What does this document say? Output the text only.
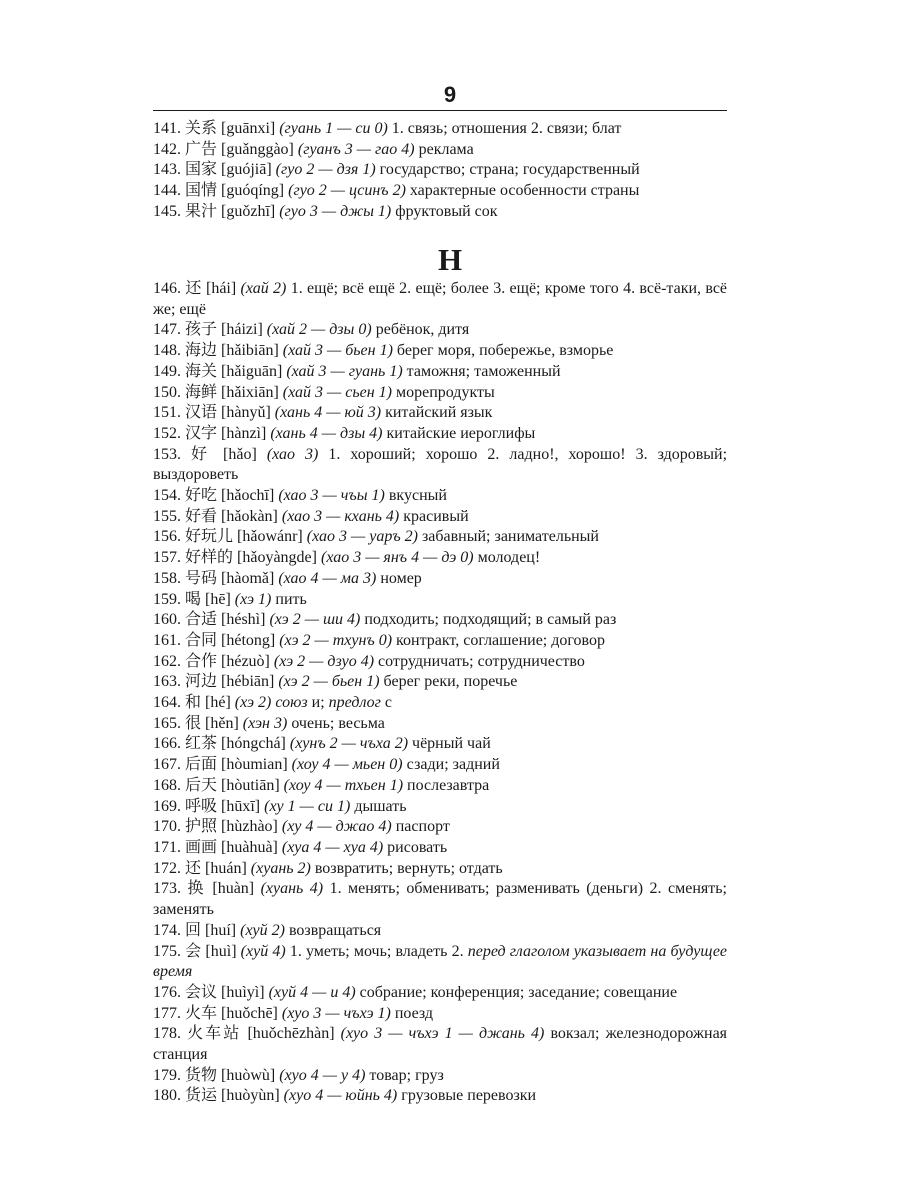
9

141. 关系 [guānxi] (гуань 1 — си 0) 1. связь; отношения 2. связи; блат

142. 广告 [guǎnggào] (гуанъ 3 — гао 4) реклама

143. 国家 [guójiā] (гуо 2 — дзя 1) государство; страна; государственный

144. 国情 [guóqíng] (гуо 2 — цсинъ 2) характерные особенности страны

145. 果汁 [guǒzhī] (гуо 3 — джы 1) фруктовый сок

H

146. 还 [hái] (хай 2) 1. ещё; всё ещё 2. ещё; более 3. ещё; кроме того 4. всё-таки, всё же; ещё

147. 孩子 [háizi] (хай 2 — дзы 0) ребёнок, дитя

148. 海边 [hǎibiān] (хай 3 — бьен 1) берег моря, побережье, взморье

149. 海关 [hǎiguān] (хай 3 — гуань 1) таможня; таможенный

150. 海鲜 [hǎixiān] (хай 3 — сьен 1) морепродукты

151. 汉语 [hànyǔ] (хань 4 — юй 3) китайский язык

152. 汉字 [hànzì] (хань 4 — дзы 4) китайские иероглифы

153. 好 [hǎo] (хао 3) 1. хороший; хорошо 2. ладно!, хорошо! 3. здоровый; выздороветь

154. 好吃 [hǎochī] (хао 3 — чъы 1) вкусный

155. 好看 [hǎokàn] (хао 3 — кхань 4) красивый

156. 好玩儿 [hǎowánr] (хао 3 — уаръ 2) забавный; занимательный

157. 好样的 [hǎoyàngde] (хао 3 — янъ 4 — дэ 0) молодец!

158. 号码 [hàomǎ] (хао 4 — ма 3) номер

159. 喝 [hē] (хэ 1) пить

160. 合适 [héshì] (хэ 2 — ши 4) подходить; подходящий; в самый раз

161. 合同 [hétong] (хэ 2 — тхунъ 0) контракт, соглашение; договор

162. 合作 [hézuò] (хэ 2 — дзуо 4) сотрудничать; сотрудничество

163. 河边 [hébiān] (хэ 2 — бьен 1) берег реки, поречье

164. 和 [hé] (хэ 2) союз и; предлог с

165. 很 [hěn] (хэн 3) очень; весьма

166. 红茶 [hóngchá] (хунъ 2 — чъха 2) чёрный чай

167. 后面 [hòumian] (хоу 4 — мьен 0) сзади; задний

168. 后天 [hòutiān] (хоу 4 — тхьен 1) послезавтра

169. 呼吸 [hūxī] (ху 1 — си 1) дышать

170. 护照 [hùzhào] (ху 4 — джао 4) паспорт

171. 画画 [huàhuà] (хуа 4 — хуа 4) рисовать

172. 还 [huán] (хуань 2) возвратить; вернуть; отдать

173. 换 [huàn] (хуань 4) 1. менять; обменивать; разменивать (деньги) 2. сменять; заменять

174. 回 [huí] (хуй 2) возвращаться

175. 会 [huì] (хуй 4) 1. уметь; мочь; владеть 2. перед глаголом указывает на будущее время

176. 会议 [huìyì] (хуй 4 — и 4) собрание; конференция; заседание; совещание

177. 火车 [huǒchē] (хуо 3 — чъхэ 1) поезд

178. 火车站 [huǒchēzhàn] (хуо 3 — чъхэ 1 — джань 4) вокзал; железнодорожная станция

179. 货物 [huòwù] (хуо 4 — у 4) товар; груз

180. 货运 [huòyùn] (хуо 4 — юйнь 4) грузовые перевозки
